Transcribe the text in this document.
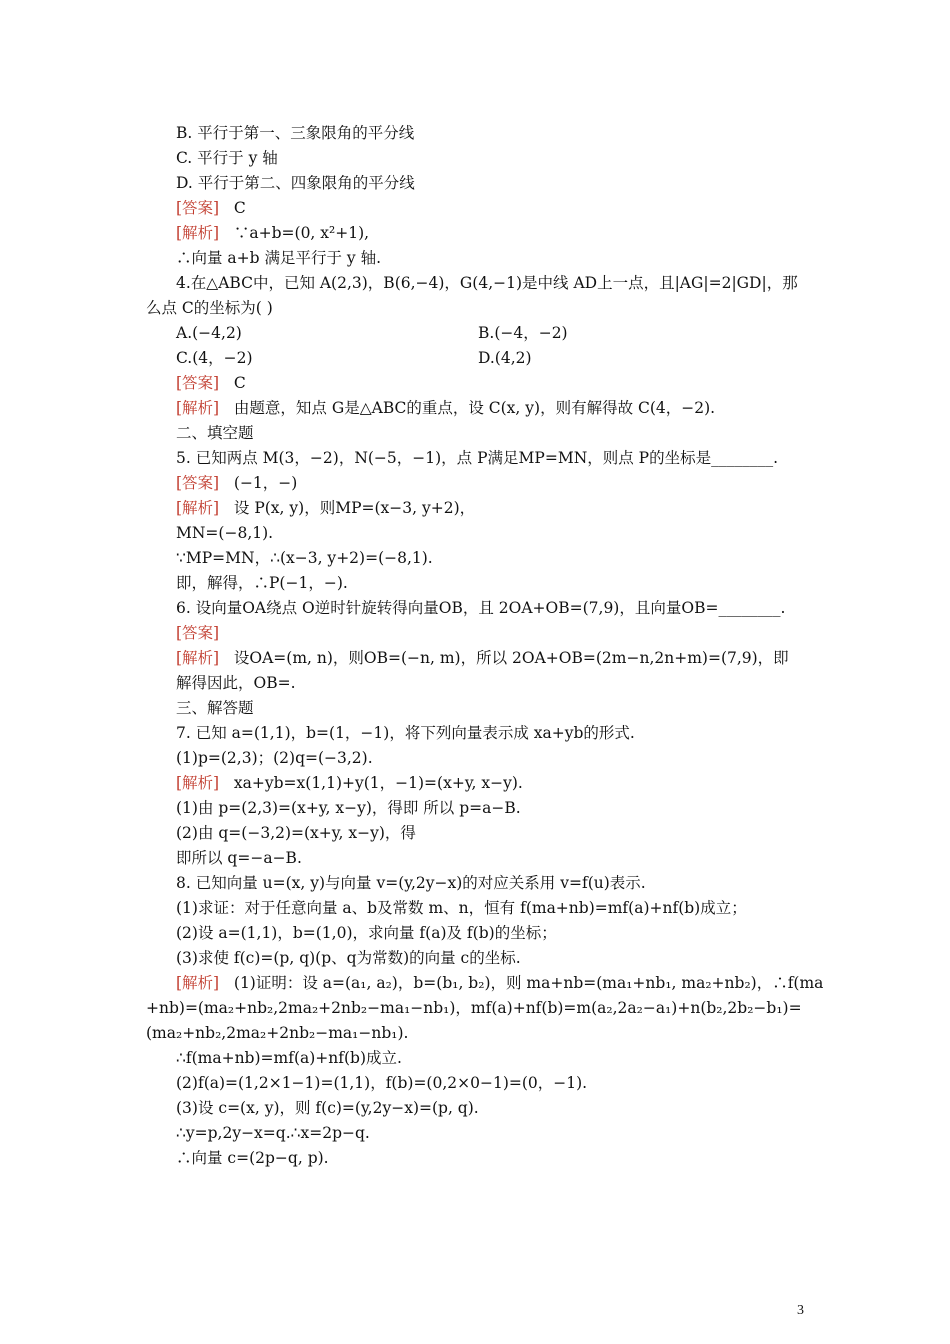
B. 平行于第一、三象限角的平分线
C. 平行于 y 轴
D. 平行于第二、四象限角的平分线
[答案] C
[解析] ∵a+b=(0, x²+1),
∴向量 a+b 满足平行于 y 轴.
4.在△ABC中，已知 A(2,3)，B(6,−4)，G(4,−1)是中线 AD上一点，且|AG|=2|GD|，那
么点 C的坐标为( )
A.(−4,2)	B.(−4，−2)
C.(4，−2)	D.(4,2)
[答案] C
[解析] 由题意，知点 G是△ABC的重点，设 C(x, y)，则有解得故 C(4，−2).
二、填空题
5. 已知两点 M(3，−2)，N(−5，−1)，点 P满足MP=MN，则点 P的坐标是________.
[答案] (−1，−)
[解析] 设 P(x, y)，则MP=(x−3, y+2)，
MN=(−8,1).
∵MP=MN，∴(x−3, y+2)=(−8,1).
即，解得，∴P(−1，−).
6. 设向量OA绕点 O逆时针旋转得向量OB，且 2OA+OB=(7,9)，且向量OB=________.
[答案]
[解析] 设OA=(m, n)，则OB=(−n, m)，所以 2OA+OB=(2m−n,2n+m)=(7,9)，即
解得因此，OB=.
三、解答题
7. 已知 a=(1,1)，b=(1，−1)，将下列向量表示成 xa+yb的形式.
(1)p=(2,3)；(2)q=(−3,2).
[解析] xa+yb=x(1,1)+y(1，−1)=(x+y, x−y).
(1)由 p=(2,3)=(x+y, x−y)，得即 所以 p=a−B.
(2)由 q=(−3,2)=(x+y, x−y)，得
即所以 q=−a−B.
8. 已知向量 u=(x, y)与向量 v=(y,2y−x)的对应关系用 v=f(u)表示.
(1)求证：对于任意向量 a、b及常数 m、n，恒有 f(ma+nb)=mf(a)+nf(b)成立；
(2)设 a=(1,1)，b=(1,0)，求向量 f(a)及 f(b)的坐标；
(3)求使 f(c)=(p, q)(p、q为常数)的向量 c的坐标.
[解析] (1)证明：设 a=(a₁, a₂)，b=(b₁, b₂)，则 ma+nb=(ma₁+nb₁, ma₂+nb₂)，∴f(ma
+nb)=(ma₂+nb₂,2ma₂+2nb₂−ma₁−nb₁)，mf(a)+nf(b)=m(a₂,2a₂−a₁)+n(b₂,2b₂−b₁)=
(ma₂+nb₂,2ma₂+2nb₂−ma₁−nb₁).
∴f(ma+nb)=mf(a)+nf(b)成立.
(2)f(a)=(1,2×1−1)=(1,1)，f(b)=(0,2×0−1)=(0，−1).
(3)设 c=(x, y)，则 f(c)=(y,2y−x)=(p, q).
∴y=p,2y−x=q.∴x=2p−q.
∴向量 c=(2p−q, p).
3
